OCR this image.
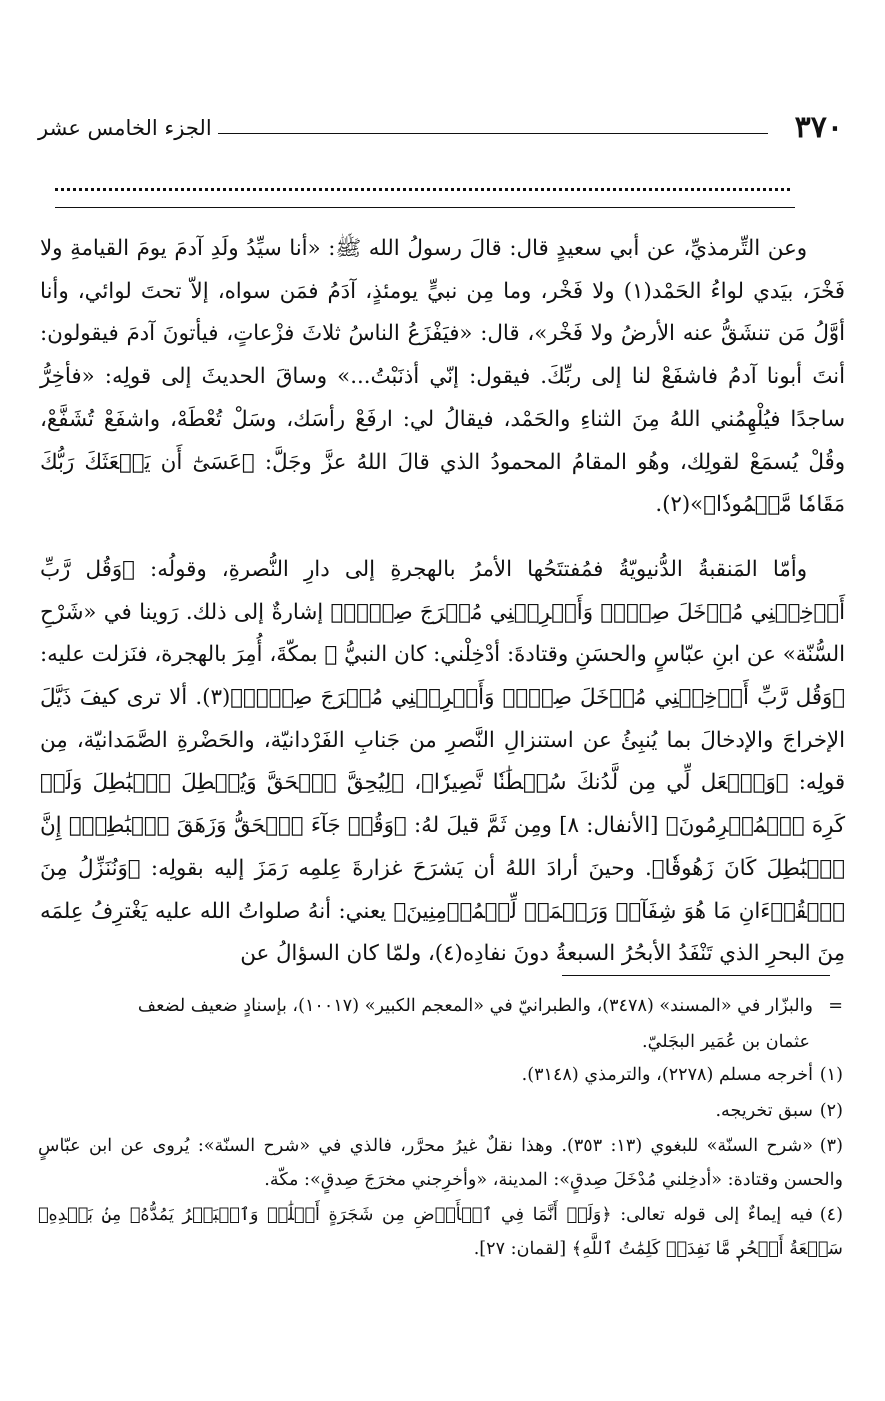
٣٧٠
الجزء الخامس عشر

وعن التِّرمذيِّ، عن أبي سعيدٍ قال: قالَ رسولُ الله ﷺ: «أنا سيِّدُ ولَدِ آدمَ يومَ القيامةِ ولا فَخْرَ، بيَدي لواءُ الحَمْد(١) ولا فَخْر، وما مِن نبيٍّ يومئذٍ، آدَمُ فمَن سواه، إلاّ تحتَ لوائي، وأنا أوَّلُ مَن تنشَقُّ عنه الأرضُ ولا فَخْر»، قال: «فيَفْزَعُ الناسُ ثلاثَ فزْعاتٍ، فيأتونَ آدمَ فيقولون: أنتَ أبونا آدمُ فاشفَعْ لنا إلى ربِّكَ. فيقول: إنّي أذنَبْتُ...» وساقَ الحديثَ إلى قولِه: «فأخِرُّ ساجدًا فيُلْهِمُني اللهُ مِنَ الثناءِ والحَمْد، فيقالُ لي: ارفَعْ رأسَك، وسَلْ تُعْطَهْ، واشفَعْ تُشَفَّعْ، وقُلْ يُسمَعْ لقولِك، وهُو المقامُ المحمودُ الذي قالَ اللهُ عزَّ وجَلَّ: ﴿عَسَىٰٓ أَن يَبۡعَثَكَ رَبُّكَ مَقَامٗا مَّحۡمُودٗا﴾»(٢).

وأمّا المَنقبةُ الدُّنيويّةُ فمُفتتَحُها الأمرُ بالهجرةِ إلى دارِ النُّصرةِ، وقولُه: ﴿وَقُل رَّبِّ أَدۡخِلۡنِي مُدۡخَلَ صِدۡقٖ وَأَخۡرِجۡنِي مُخۡرَجَ صِدۡقٖ﴾ إشارةٌ إلى ذلك. رَوينا في «شَرْحِ السُّنّة» عن ابنِ عبّاسٍ والحسَنِ وقتادةَ: أدْخِلْني: كان النبيُّ ﷺ بمكّةَ، أُمِرَ بالهجرة، فنَزلت عليه: ﴿وَقُل رَّبِّ أَدۡخِلۡنِي مُدۡخَلَ صِدۡقٖ وَأَخۡرِجۡنِي مُخۡرَجَ صِدۡقٖ﴾(٣). ألا ترى كيفَ ذَيَّلَ الإخراجَ والإدخالَ بما يُنبِئُ عن استنزالِ النَّصرِ من جَنابِ الفَرْدانيّة، والحَضْرةِ الصَّمَدانيّة، مِن قولِه: ﴿وَٱجۡعَل لِّي مِن لَّدُنكَ سُلۡطَٰنٗا نَّصِيرٗا﴾، ﴿لِيُحِقَّ ٱلۡحَقَّ وَيُبۡطِلَ ٱلۡبَٰطِلَ وَلَوۡ كَرِهَ ٱلۡمُجۡرِمُونَ﴾ [الأنفال: ٨] ومِن ثَمَّ قيلَ لهُ: ﴿وَقُلۡ جَآءَ ٱلۡحَقُّ وَزَهَقَ ٱلۡبَٰطِلُۚ إِنَّ ٱلۡبَٰطِلَ كَانَ زَهُوقٗا﴾. وحينَ أرادَ اللهُ أن يَشرَحَ غزارةَ عِلمِه رَمَزَ إليه بقولِه: ﴿وَنُنَزِّلُ مِنَ ٱلۡقُرۡءَانِ مَا هُوَ شِفَآءٞ وَرَحۡمَةٞ لِّلۡمُؤۡمِنِينَ﴾ يعني: أنهُ صلواتُ الله عليه يَغْترِفُ عِلمَه مِنَ البحرِ الذي تَنْفَدُ الأبحُرُ السبعةُ دونَ نفادِه(٤)، ولمّا كان السؤالُ عن

=والبزّار في «المسند» (٣٤٧٨)، والطبرانيّ في «المعجم الكبير» (١٠٠١٧)، بإسنادٍ ضعيف لضعف

عثمان بن عُمَير البجَليّ.

(١)أخرجه مسلم (٢٢٧٨)، والترمذي (٣١٤٨).

(٢)سبق تخريجه.

(٣)«شرح السنّة» للبغوي (١٣: ٣٥٣). وهذا نقلٌ غيرُ محرَّر، فالذي في «شرح السنّة»: يُروى عن ابن عبّاسٍ والحسن وقتادة: «أدخِلني مُدْخَلَ صِدقٍ»: المدينة، «وأخرِجني مخرَجَ صِدقٍ»: مكّة.

(٤)فيه إيماءٌ إلى قوله تعالى: ﴿وَلَوۡ أَنَّمَا فِي ٱلۡأَرۡضِ مِن شَجَرَةٍ أَقۡلَٰمٞ وَٱلۡبَحۡرُ يَمُدُّهُۥ مِنۢ بَعۡدِهِۦ سَبۡعَةُ أَبۡحُرٖ مَّا نَفِدَتۡ كَلِمَٰتُ ٱللَّهِ﴾ [لقمان: ٢٧].
